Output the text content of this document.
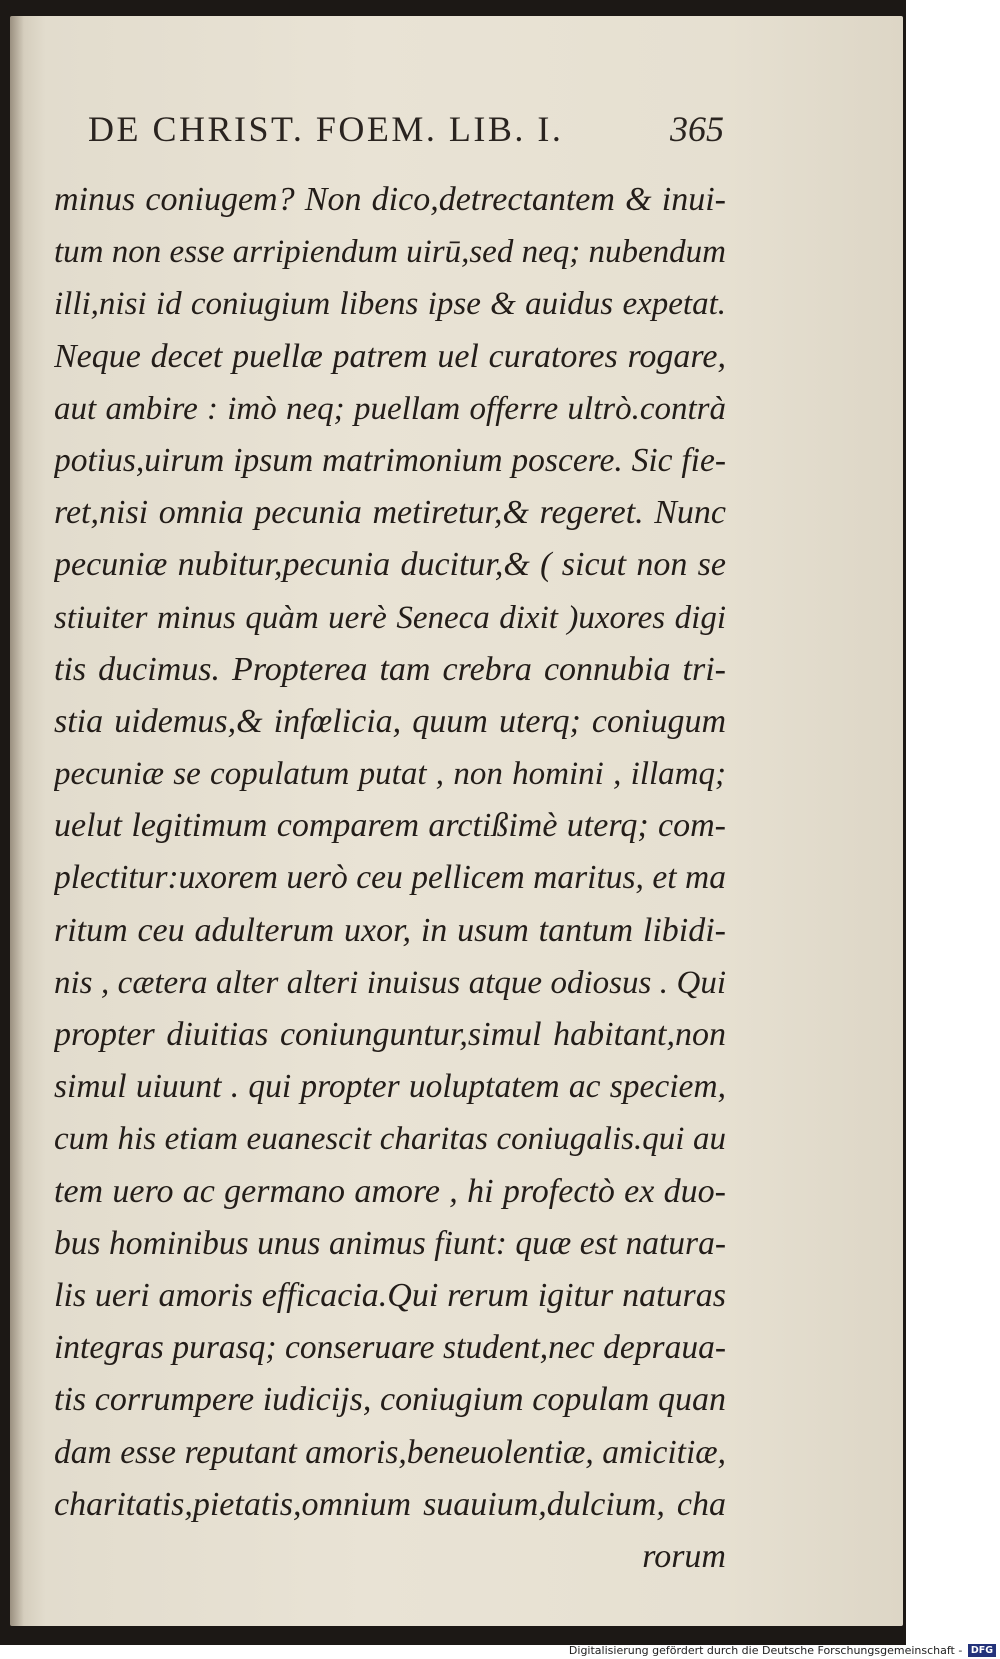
DE CHRIST. FOEM. LIB. I.	365
minus coniugem? Non dico,detrectantem & inui-
tum non esse arripiendum uirū,sed neq; nubendum
illi,nisi id coniugium libens ipse & auidus expetat.
Neque decet puellæ patrem uel curatores rogare,
aut ambire : imò neq; puellam offerre ultrò.contrà
potius,uirum ipsum matrimonium poscere. Sic fie-
ret,nisi omnia pecunia metiretur,& regeret. Nunc
pecuniæ nubitur,pecunia ducitur,& ( sicut non se
stiuiter minus quàm uerè Seneca dixit )uxores digi
tis ducimus. Propterea tam crebra connubia tri-
stia uidemus,& infœlicia, quum uterq; coniugum
pecuniæ se copulatum putat , non homini , illamq;
uelut legitimum comparem arctißimè uterq; com-
plectitur:uxorem uerò ceu pellicem maritus, et ma
ritum ceu adulterum uxor, in usum tantum libidi-
nis , cætera alter alteri inuisus atque odiosus . Qui
propter diuitias coniunguntur,simul habitant,non
simul uiuunt . qui propter uoluptatem ac speciem,
cum his etiam euanescit charitas coniugalis.qui au
tem uero ac germano amore , hi profectò ex duo-
bus hominibus unus animus fiunt: quæ est natura-
lis ueri amoris efficacia.Qui rerum igitur naturas
integras purasq; conseruare student,nec deprauа-
tis corrumpere iudicijs, coniugium copulam quan
dam esse reputant amoris,beneuolentiæ, amicitiæ,
charitatis,pietatis,omnium suauium,dulcium, cha
rorum
Digitalisierung gefördert durch die Deutsche Forschungsgemeinschaft - DFG
